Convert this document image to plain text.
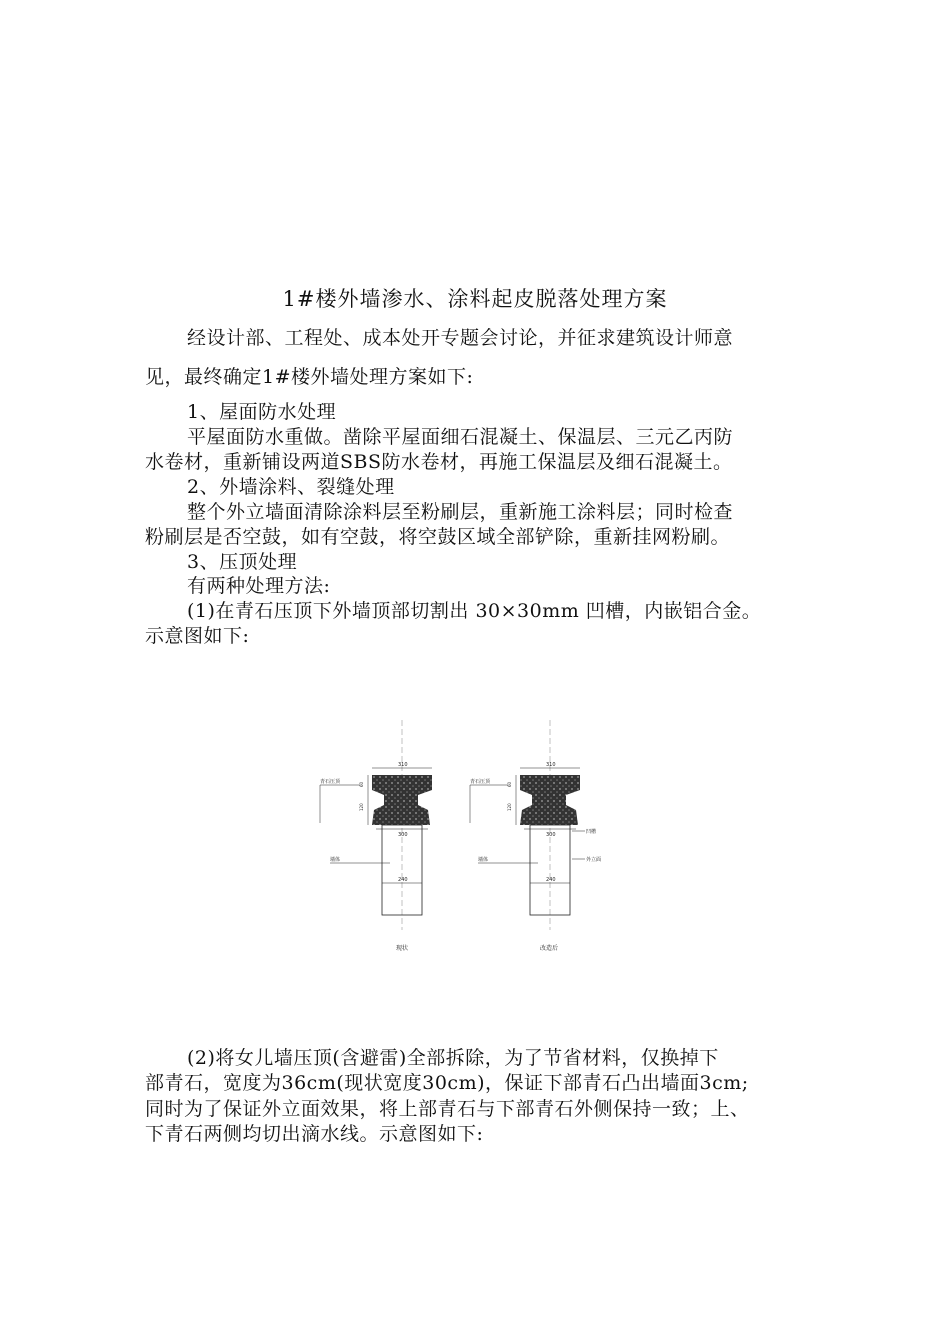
1#楼外墙渗水、涂料起皮脱落处理方案

经设计部、工程处、成本处开专题会讨论，并征求建筑设计师意

见，最终确定1#楼外墙处理方案如下:

1、屋面防水处理

平屋面防水重做。凿除平屋面细石混凝土、保温层、三元乙丙防

水卷材，重新铺设两道SBS防水卷材，再施工保温层及细石混凝土。

2、外墙涂料、裂缝处理

整个外立墙面清除涂料层至粉刷层，重新施工涂料层；同时检查

粉刷层是否空鼓，如有空鼓，将空鼓区域全部铲除，重新挂网粉刷。

3、压顶处理

有两种处理方法:

(1)在青石压顶下外墙顶部切割出 30×30mm 凹槽，内嵌铝合金。

示意图如下:

310
300
240
60
120
青石压顶
墙体
现状
310
300
240
60
120
青石压顶
墙体
凹槽
外立面
改造后

(2)将女儿墙压顶(含避雷)全部拆除，为了节省材料，仅换掉下

部青石，宽度为36cm(现状宽度30cm)，保证下部青石凸出墙面3cm;

同时为了保证外立面效果，将上部青石与下部青石外侧保持一致；上、

下青石两侧均切出滴水线。示意图如下:
